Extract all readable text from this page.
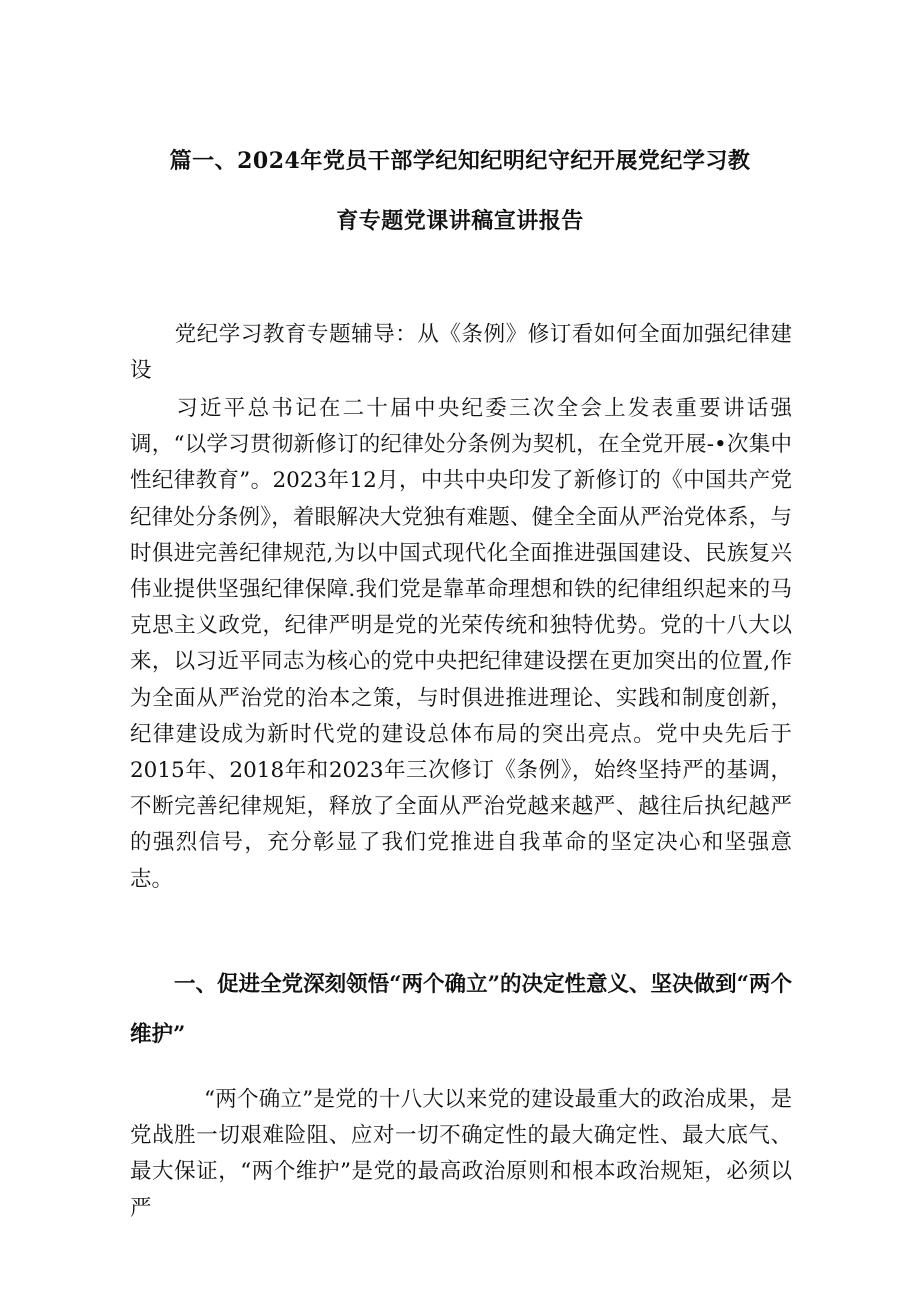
篇一、2024年党员干部学纪知纪明纪守纪开展党纪学习教
育专题党课讲稿宣讲报告

党纪学习教育专题辅导：从《条例》修订看如何全面加强纪律建设

习近平总书记在二十届中央纪委三次全会上发表重要讲话强调，“以学习贯彻新修订的纪律处分条例为契机，在全党开展-•次集中性纪律教育”。2023年12月，中共中央印发了新修订的《中国共产党纪律处分条例》，着眼解决大党独有难题、健全全面从严治党体系，与时俱进完善纪律规范,为以中国式现代化全面推进强国建设、民族复兴伟业提供坚强纪律保障.我们党是靠革命理想和铁的纪律组织起来的马克思主义政党，纪律严明是党的光荣传统和独特优势。党的十八大以来，以习近平同志为核心的党中央把纪律建设摆在更加突出的位置,作为全面从严治党的治本之策，与时俱进推进理论、实践和制度创新，纪律建设成为新时代党的建设总体布局的突出亮点。党中央先后于2015年、2018年和2023年三次修订《条例》，始终坚持严的基调，不断完善纪律规矩，释放了全面从严治党越来越严、越往后执纪越严的强烈信号，充分彰显了我们党推进自我革命的坚定决心和坚强意志。

一、促进全党深刻领悟“两个确立”的决定性意义、坚决做到“两个维护”

“两个确立”是党的十八大以来党的建设最重大的政治成果，是党战胜一切艰难险阻、应对一切不确定性的最大确定性、最大底气、最大保证，“两个维护”是党的最高政治原则和根本政治规矩，必须以严
